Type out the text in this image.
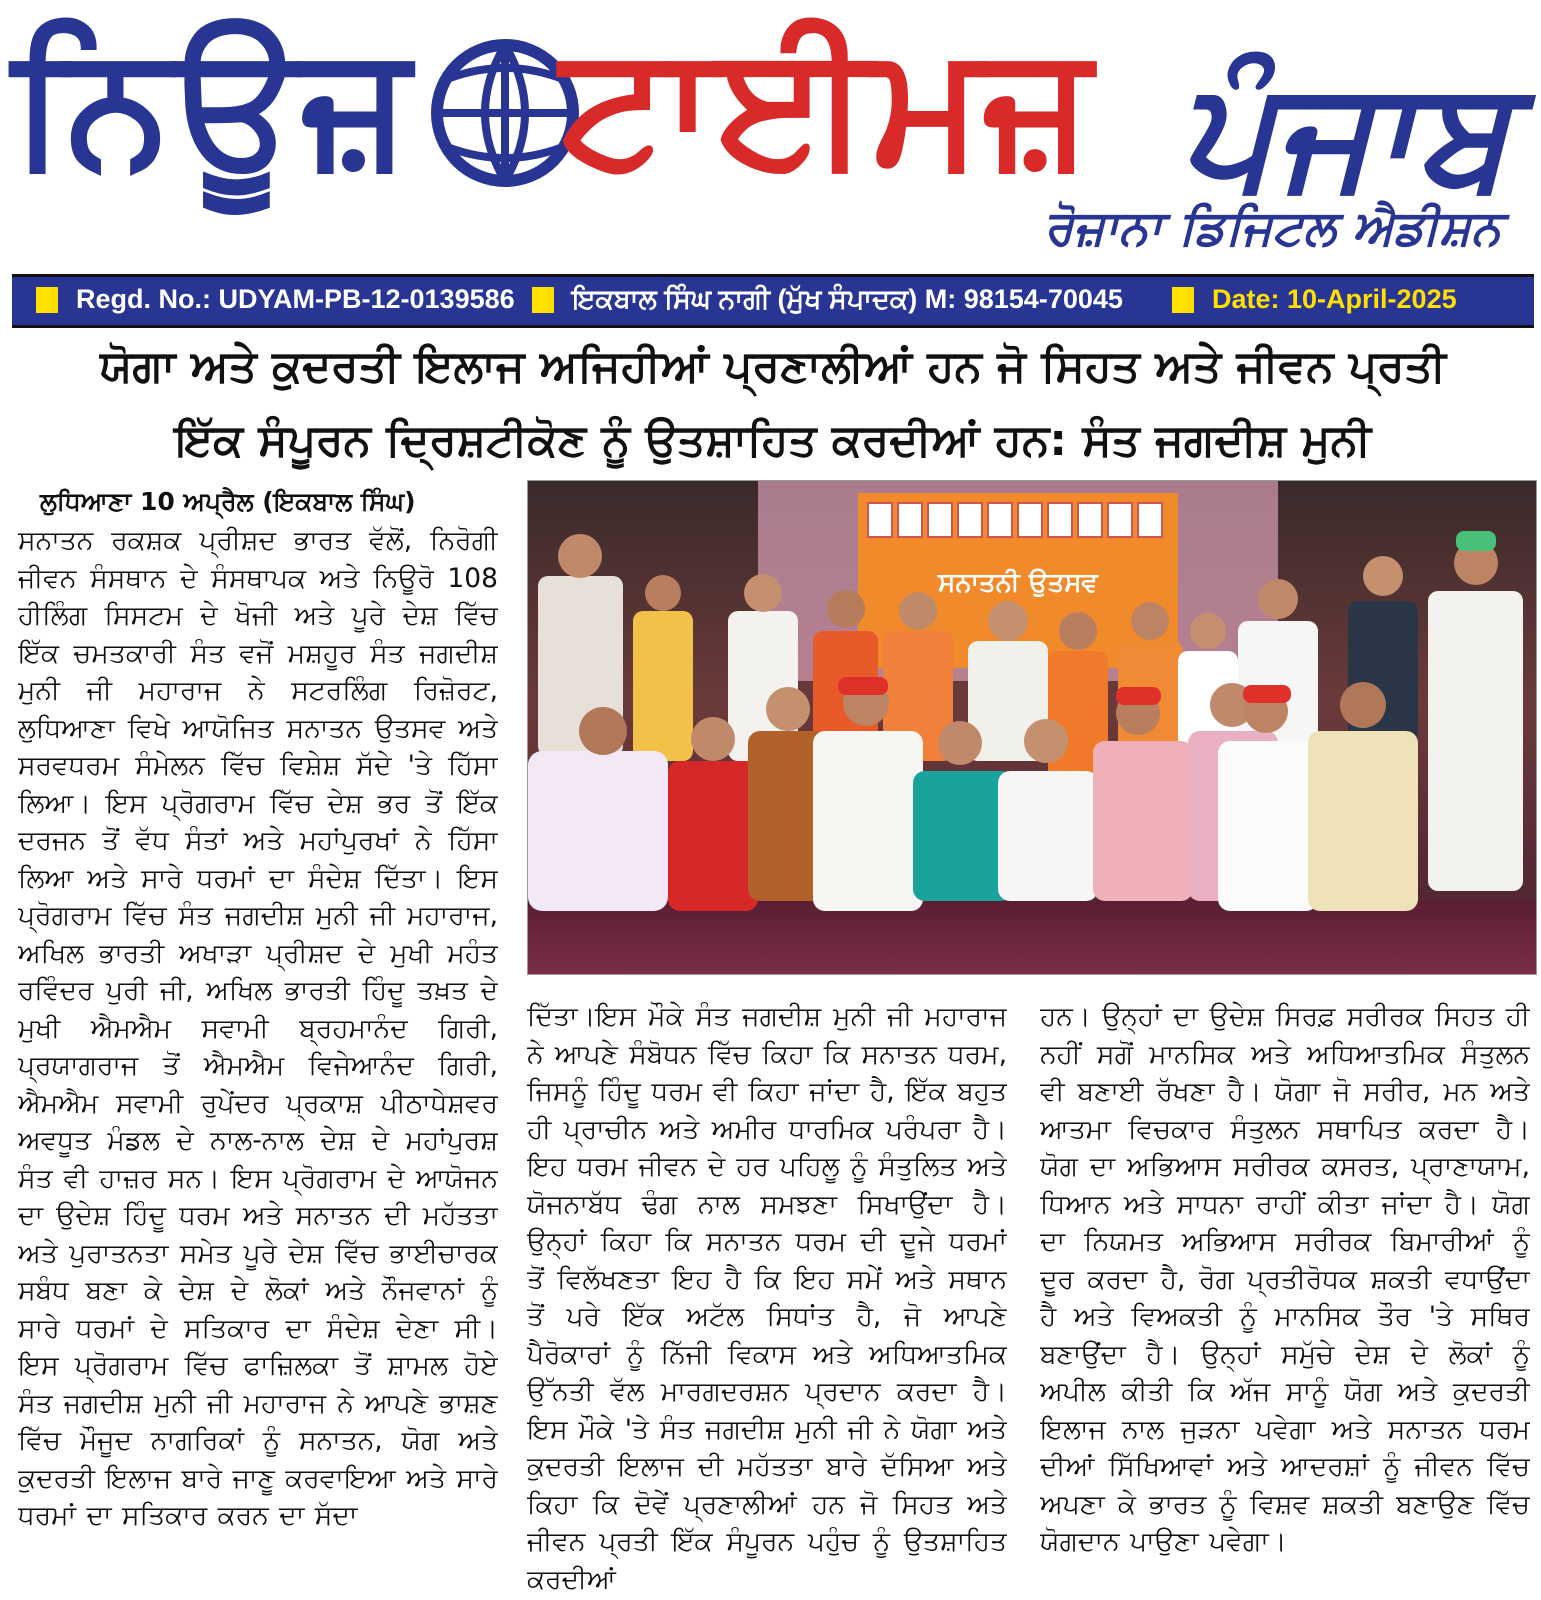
ਨਿਊਜ਼ ਟਾਈਮਜ਼ ਪੰਜਾਬ
ਰੋਜ਼ਾਨਾ ਡਿਜਿਟਲ ਐਡੀਸ਼ਨ
Regd. No.: UDYAM-PB-12-0139586 ਇਕਬਾਲ ਸਿੰਘ ਨਾਗੀ (ਮੁੱਖ ਸੰਪਾਦਕ) M: 98154-70045	Date: 10-April-2025
ਯੋਗਾ ਅਤੇ ਕੁਦਰਤੀ ਇਲਾਜ ਅਜਿਹੀਆਂ ਪ੍ਰਣਾਲੀਆਂ ਹਨ ਜੋ ਸਿਹਤ ਅਤੇ ਜੀਵਨ ਪ੍ਰਤੀ
ਇੱਕ ਸੰਪੂਰਨ ਦ੍ਰਿਸ਼ਟੀਕੋਣ ਨੂੰ ਉਤਸ਼ਾਹਿਤ ਕਰਦੀਆਂ ਹਨ: ਸੰਤ ਜਗਦੀਸ਼ ਮੁਨੀ
ਲੁਧਿਆਣਾ 10 ਅਪ੍ਰੈਲ (ਇਕਬਾਲ ਸਿੰਘ)
ਸਨਾਤਨ ਰਕਸ਼ਕ ਪ੍ਰੀਸ਼ਦ ਭਾਰਤ ਵੱਲੋਂ, ਨਿਰੋਗੀ ਜੀਵਨ ਸੰਸਥਾਨ ਦੇ ਸੰਸਥਾਪਕ ਅਤੇ ਨਿਊਰੋ 108 ਹੀਲਿੰਗ ਸਿਸਟਮ ਦੇ ਖੋਜੀ ਅਤੇ ਪੂਰੇ ਦੇਸ਼ ਵਿੱਚ ਇੱਕ ਚਮਤਕਾਰੀ ਸੰਤ ਵਜੋਂ ਮਸ਼ਹੂਰ ਸੰਤ ਜਗਦੀਸ਼ ਮੁਨੀ ਜੀ ਮਹਾਰਾਜ ਨੇ ਸਟਰਲਿੰਗ ਰਿਜ਼ੋਰਟ, ਲੁਧਿਆਣਾ ਵਿਖੇ ਆਯੋਜਿਤ ਸਨਾਤਨ ਉਤਸਵ ਅਤੇ ਸਰਵਧਰਮ ਸੰਮੇਲਨ ਵਿੱਚ ਵਿਸ਼ੇਸ਼ ਸੱਦੇ 'ਤੇ ਹਿੱਸਾ ਲਿਆ। ਇਸ ਪ੍ਰੋਗਰਾਮ ਵਿੱਚ ਦੇਸ਼ ਭਰ ਤੋਂ ਇੱਕ ਦਰਜਨ ਤੋਂ ਵੱਧ ਸੰਤਾਂ ਅਤੇ ਮਹਾਂਪੁਰਖਾਂ ਨੇ ਹਿੱਸਾ ਲਿਆ ਅਤੇ ਸਾਰੇ ਧਰਮਾਂ ਦਾ ਸੰਦੇਸ਼ ਦਿੱਤਾ। ਇਸ ਪ੍ਰੋਗਰਾਮ ਵਿੱਚ ਸੰਤ ਜਗਦੀਸ਼ ਮੁਨੀ ਜੀ ਮਹਾਰਾਜ, ਅਖਿਲ ਭਾਰਤੀ ਅਖਾੜਾ ਪ੍ਰੀਸ਼ਦ ਦੇ ਮੁਖੀ ਮਹੰਤ ਰਵਿੰਦਰ ਪੁਰੀ ਜੀ, ਅਖਿਲ ਭਾਰਤੀ ਹਿੰਦੂ ਤਖ਼ਤ ਦੇ ਮੁਖੀ ਐਮਐਮ ਸਵਾਮੀ ਬ੍ਰਹਮਾਨੰਦ ਗਿਰੀ, ਪ੍ਰਯਾਗਰਾਜ ਤੋਂ ਐਮਐਮ ਵਿਜੇਆਨੰਦ ਗਿਰੀ, ਐਮਐਮ ਸਵਾਮੀ ਰੁਪੇਂਦਰ ਪ੍ਰਕਾਸ਼ ਪੀਠਾਧੇਸ਼ਵਰ ਅਵਧੂਤ ਮੰਡਲ ਦੇ ਨਾਲ-ਨਾਲ ਦੇਸ਼ ਦੇ ਮਹਾਂਪੁਰਸ਼ ਸੰਤ ਵੀ ਹਾਜ਼ਰ ਸਨ। ਇਸ ਪ੍ਰੋਗਰਾਮ ਦੇ ਆਯੋਜਨ ਦਾ ਉਦੇਸ਼ ਹਿੰਦੂ ਧਰਮ ਅਤੇ ਸਨਾਤਨ ਦੀ ਮਹੱਤਤਾ ਅਤੇ ਪੁਰਾਤਨਤਾ ਸਮੇਤ ਪੂਰੇ ਦੇਸ਼ ਵਿੱਚ ਭਾਈਚਾਰਕ ਸਬੰਧ ਬਣਾ ਕੇ ਦੇਸ਼ ਦੇ ਲੋਕਾਂ ਅਤੇ ਨੌਜਵਾਨਾਂ ਨੂੰ ਸਾਰੇ ਧਰਮਾਂ ਦੇ ਸਤਿਕਾਰ ਦਾ ਸੰਦੇਸ਼ ਦੇਣਾ ਸੀ। ਇਸ ਪ੍ਰੋਗਰਾਮ ਵਿੱਚ ਫਾਜ਼ਿਲਕਾ ਤੋਂ ਸ਼ਾਮਲ ਹੋਏ ਸੰਤ ਜਗਦੀਸ਼ ਮੁਨੀ ਜੀ ਮਹਾਰਾਜ ਨੇ ਆਪਣੇ ਭਾਸ਼ਣ ਵਿੱਚ ਮੌਜੂਦ ਨਾਗਰਿਕਾਂ ਨੂੰ ਸਨਾਤਨ, ਯੋਗ ਅਤੇ ਕੁਦਰਤੀ ਇਲਾਜ ਬਾਰੇ ਜਾਣੂ ਕਰਵਾਇਆ ਅਤੇ ਸਾਰੇ ਧਰਮਾਂ ਦਾ ਸਤਿਕਾਰ ਕਰਨ ਦਾ ਸੱਦਾ
ਸਨਾਤਨੀ ਉਤਸਵ
ਦਿੱਤਾ।ਇਸ ਮੌਕੇ ਸੰਤ ਜਗਦੀਸ਼ ਮੁਨੀ ਜੀ ਮਹਾਰਾਜ ਨੇ ਆਪਣੇ ਸੰਬੋਧਨ ਵਿੱਚ ਕਿਹਾ ਕਿ ਸਨਾਤਨ ਧਰਮ, ਜਿਸਨੂੰ ਹਿੰਦੂ ਧਰਮ ਵੀ ਕਿਹਾ ਜਾਂਦਾ ਹੈ, ਇੱਕ ਬਹੁਤ ਹੀ ਪ੍ਰਾਚੀਨ ਅਤੇ ਅਮੀਰ ਧਾਰਮਿਕ ਪਰੰਪਰਾ ਹੈ। ਇਹ ਧਰਮ ਜੀਵਨ ਦੇ ਹਰ ਪਹਿਲੂ ਨੂੰ ਸੰਤੁਲਿਤ ਅਤੇ ਯੋਜਨਾਬੱਧ ਢੰਗ ਨਾਲ ਸਮਝਣਾ ਸਿਖਾਉਂਦਾ ਹੈ। ਉਨ੍ਹਾਂ ਕਿਹਾ ਕਿ ਸਨਾਤਨ ਧਰਮ ਦੀ ਦੂਜੇ ਧਰਮਾਂ ਤੋਂ ਵਿਲੱਖਣਤਾ ਇਹ ਹੈ ਕਿ ਇਹ ਸਮੇਂ ਅਤੇ ਸਥਾਨ ਤੋਂ ਪਰੇ ਇੱਕ ਅਟੱਲ ਸਿਧਾਂਤ ਹੈ, ਜੋ ਆਪਣੇ ਪੈਰੋਕਾਰਾਂ ਨੂੰ ਨਿੱਜੀ ਵਿਕਾਸ ਅਤੇ ਅਧਿਆਤਮਿਕ ਉੱਨਤੀ ਵੱਲ ਮਾਰਗਦਰਸ਼ਨ ਪ੍ਰਦਾਨ ਕਰਦਾ ਹੈ। ਇਸ ਮੌਕੇ 'ਤੇ ਸੰਤ ਜਗਦੀਸ਼ ਮੁਨੀ ਜੀ ਨੇ ਯੋਗਾ ਅਤੇ ਕੁਦਰਤੀ ਇਲਾਜ ਦੀ ਮਹੱਤਤਾ ਬਾਰੇ ਦੱਸਿਆ ਅਤੇ ਕਿਹਾ ਕਿ ਦੋਵੇਂ ਪ੍ਰਣਾਲੀਆਂ ਹਨ ਜੋ ਸਿਹਤ ਅਤੇ ਜੀਵਨ ਪ੍ਰਤੀ ਇੱਕ ਸੰਪੂਰਨ ਪਹੁੰਚ ਨੂੰ ਉਤਸ਼ਾਹਿਤ ਕਰਦੀਆਂ
ਹਨ। ਉਨ੍ਹਾਂ ਦਾ ਉਦੇਸ਼ ਸਿਰਫ਼ ਸਰੀਰਕ ਸਿਹਤ ਹੀ ਨਹੀਂ ਸਗੋਂ ਮਾਨਸਿਕ ਅਤੇ ਅਧਿਆਤਮਿਕ ਸੰਤੁਲਨ ਵੀ ਬਣਾਈ ਰੱਖਣਾ ਹੈ। ਯੋਗਾ ਜੋ ਸਰੀਰ, ਮਨ ਅਤੇ ਆਤਮਾ ਵਿਚਕਾਰ ਸੰਤੁਲਨ ਸਥਾਪਿਤ ਕਰਦਾ ਹੈ। ਯੋਗ ਦਾ ਅਭਿਆਸ ਸਰੀਰਕ ਕਸਰਤ, ਪ੍ਰਾਣਾਯਾਮ, ਧਿਆਨ ਅਤੇ ਸਾਧਨਾ ਰਾਹੀਂ ਕੀਤਾ ਜਾਂਦਾ ਹੈ। ਯੋਗ ਦਾ ਨਿਯਮਤ ਅਭਿਆਸ ਸਰੀਰਕ ਬਿਮਾਰੀਆਂ ਨੂੰ ਦੂਰ ਕਰਦਾ ਹੈ, ਰੋਗ ਪ੍ਰਤੀਰੋਧਕ ਸ਼ਕਤੀ ਵਧਾਉਂਦਾ ਹੈ ਅਤੇ ਵਿਅਕਤੀ ਨੂੰ ਮਾਨਸਿਕ ਤੌਰ 'ਤੇ ਸਥਿਰ ਬਣਾਉਂਦਾ ਹੈ। ਉਨ੍ਹਾਂ ਸਮੁੱਚੇ ਦੇਸ਼ ਦੇ ਲੋਕਾਂ ਨੂੰ ਅਪੀਲ ਕੀਤੀ ਕਿ ਅੱਜ ਸਾਨੂੰ ਯੋਗ ਅਤੇ ਕੁਦਰਤੀ ਇਲਾਜ ਨਾਲ ਜੁੜਨਾ ਪਵੇਗਾ ਅਤੇ ਸਨਾਤਨ ਧਰਮ ਦੀਆਂ ਸਿੱਖਿਆਵਾਂ ਅਤੇ ਆਦਰਸ਼ਾਂ ਨੂੰ ਜੀਵਨ ਵਿੱਚ ਅਪਣਾ ਕੇ ਭਾਰਤ ਨੂੰ ਵਿਸ਼ਵ ਸ਼ਕਤੀ ਬਣਾਉਣ ਵਿੱਚ ਯੋਗਦਾਨ ਪਾਉਣਾ ਪਵੇਗਾ।
